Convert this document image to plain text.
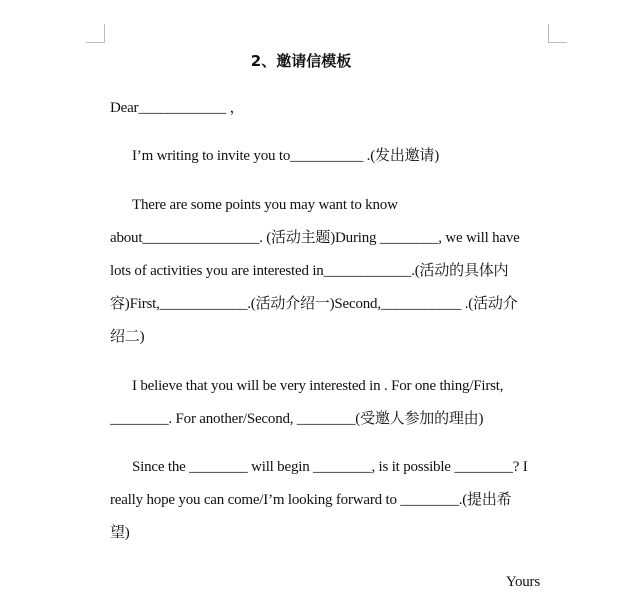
2、邀请信模板
Dear____________ ，
I’m writing to invite you to__________ .(发出邀请)
There are some points you may want to know
about________________. (活动主题)During ________, we will have
lots of activities you are interested in____________.(活动的具体内
容)First,____________.(活动介绍一)Second,___________ .(活动介
绍二)
I believe that you will be very interested in . For one thing/First,
________. For another/Second, ________(受邀人参加的理由)
Since the ________ will begin ________, is it possible ________? I
really hope you can come/I’m looking forward to ________.(提出希
望)
Yours
